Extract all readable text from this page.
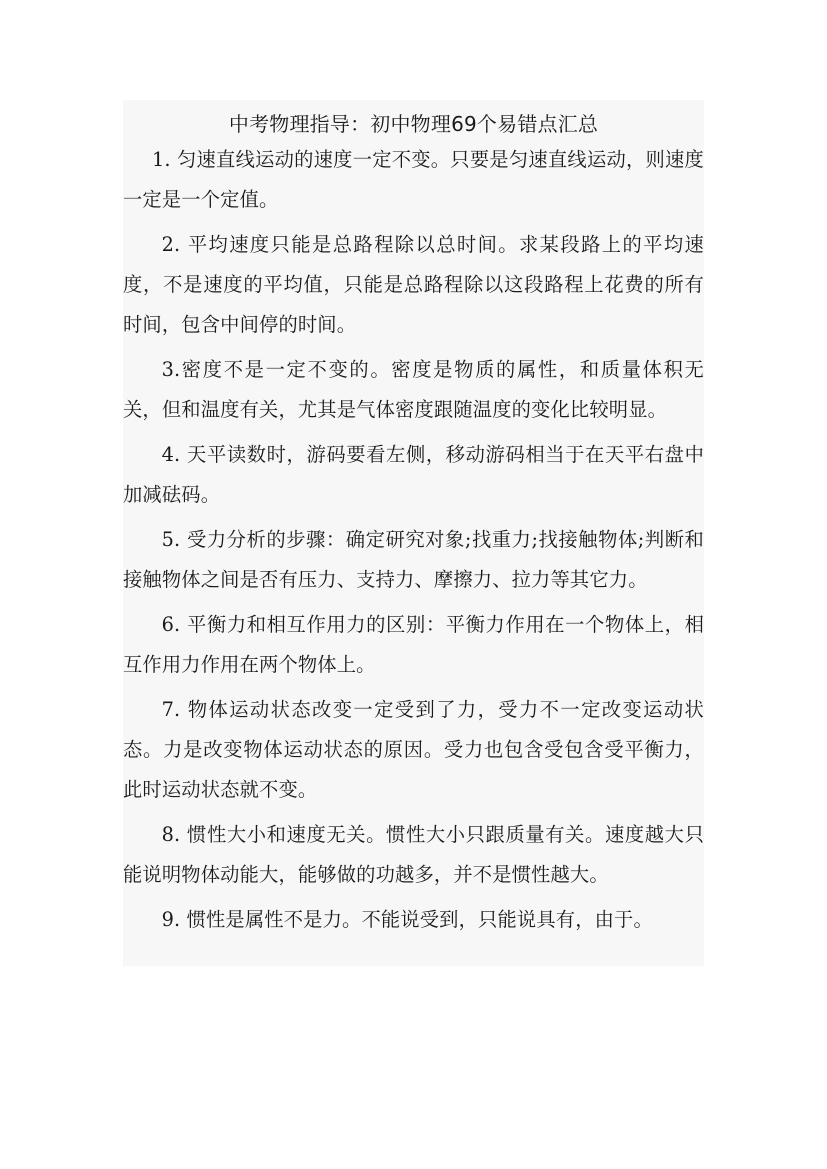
中考物理指导：初中物理69个易错点汇总

1. 匀速直线运动的速度一定不变。只要是匀速直线运动，则速度一定是一个定值。

2. 平均速度只能是总路程除以总时间。求某段路上的平均速度，不是速度的平均值，只能是总路程除以这段路程上花费的所有时间，包含中间停的时间。

3.密度不是一定不变的。密度是物质的属性，和质量体积无关，但和温度有关，尤其是气体密度跟随温度的变化比较明显。

4. 天平读数时，游码要看左侧，移动游码相当于在天平右盘中加减砝码。

5. 受力分析的步骤：确定研究对象;找重力;找接触物体;判断和接触物体之间是否有压力、支持力、摩擦力、拉力等其它力。

6. 平衡力和相互作用力的区别：平衡力作用在一个物体上，相互作用力作用在两个物体上。

7. 物体运动状态改变一定受到了力，受力不一定改变运动状态。力是改变物体运动状态的原因。受力也包含受包含受平衡力，此时运动状态就不变。

8. 惯性大小和速度无关。惯性大小只跟质量有关。速度越大只能说明物体动能大，能够做的功越多，并不是惯性越大。

9. 惯性是属性不是力。不能说受到，只能说具有，由于。
